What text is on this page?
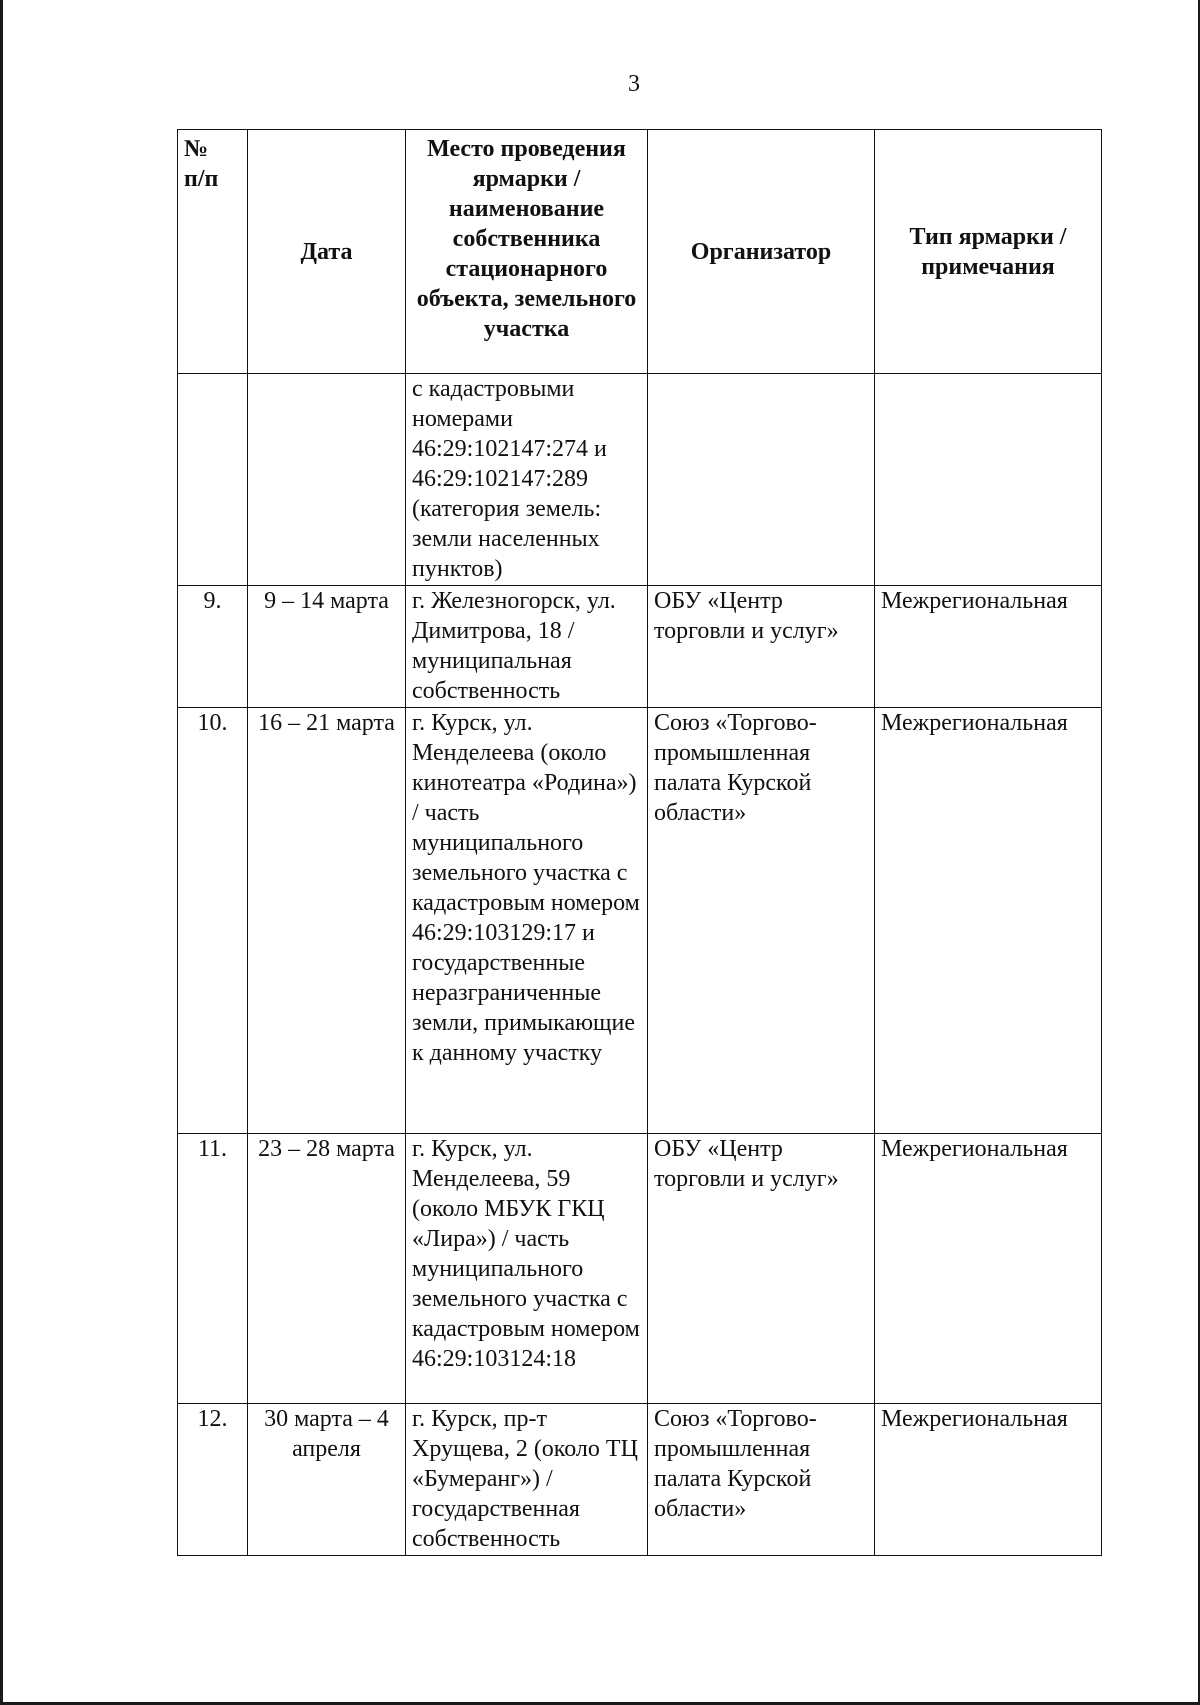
3
№
п/п	Дата	Место проведения ярмарки / наименование собственника стационарного объекта, земельного участка	Организатор	Тип ярмарки / примечания
		с кадастровыми номерами 46:29:102147:274 и 46:29:102147:289 (категория земель: земли населенных пунктов)		
9.	9 – 14 марта	г. Железногорск, ул. Димитрова, 18 / муниципальная собственность	ОБУ «Центр торговли и услуг»	Межрегиональная
10.	16 – 21 марта	г. Курск, ул. Менделеева (около кинотеатра «Родина») / часть муниципального земельного участка с кадастровым номером 46:29:103129:17 и государственные неразграниченные земли, примыкающие к данному участку	Союз «Торгово-промышленная палата Курской области»	Межрегиональная
11.	23 – 28 марта	г. Курск, ул. Менделеева, 59 (около МБУК ГКЦ «Лира») / часть муниципального земельного участка с кадастровым номером 46:29:103124:18	ОБУ «Центр торговли и услуг»	Межрегиональная
12.	30 марта – 4 апреля	г. Курск, пр-т Хрущева, 2 (около ТЦ «Бумеранг») / государственная собственность	Союз «Торгово-промышленная палата Курской области»	Межрегиональная
